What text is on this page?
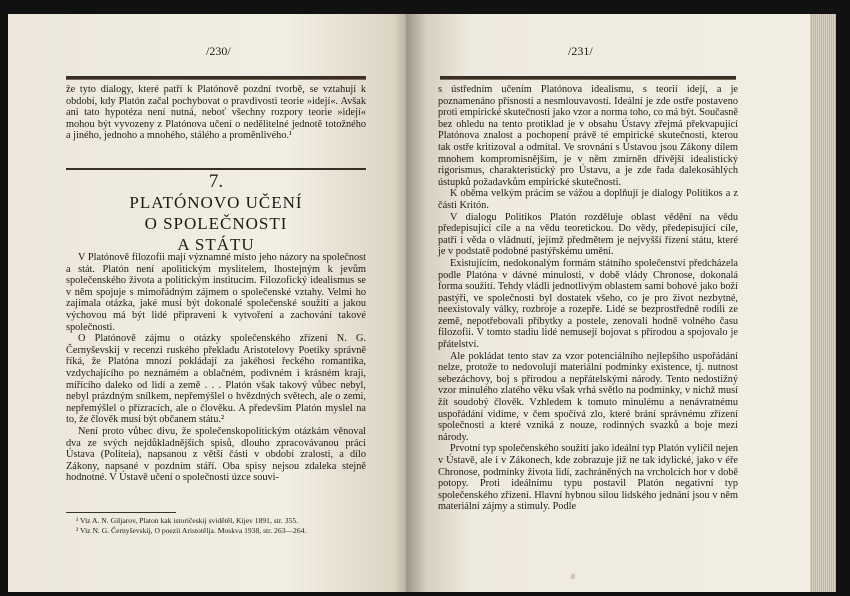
/230/

že tyto dialogy, které patří k Platónově pozdní tvorbě, se vztahují k období, kdy Platón začal pochybovat o pravdivosti teorie »idejí«. Avšak ani tato hypotéza není nutná, neboť všechny rozpory teorie »idejí« mohou být vyvozeny z Platónova učení o nedělitelné jednotě totožného a jiného, jednoho a mnohého, stálého a proměnlivého.¹

7.
PLATÓNOVO UČENÍ
O SPOLEČNOSTI
A STÁTU

V Platónově filozofii mají významné místo jeho názory na společnost a stát. Platón není apolitickým myslitelem, lhostejným k jevům společenského života a politickým institucím. Filozofický idealismus se v něm spojuje s mimořádným zájmem o společenské vztahy. Velmi ho zajímala otázka, jaké musí být dokonalé společenské soužití a jakou výchovou má být lidé připraveni k vytvoření a zachování takové společnosti.

O Platónově zájmu o otázky společenského zřízení N. G. Černyševskij v recenzi ruského překladu Aristotelovy Poetiky správně říká, že Platóna mnozí pokládají za jakéhosi řeckého romantika, vzdychajícího po neznámém a oblačném, podivném i krásném kraji, mířícího daleko od lidí a země . . . Platón však takový vůbec nebyl, nebyl prázdným snílkem, nepřemýšlel o hvězdných světech, ale o zemi, nepřemýšlel o přízracích, ale o člověku. A především Platón myslel na to, že člověk musí být občanem státu.²

Není proto vůbec divu, že společenskopolitickým otázkám věnoval dva ze svých nejdůkladnějších spisů, dlouho zpracovávanou práci Ústava (Politeia), napsanou z větší části v období zralosti, a dílo Zákony, napsané v pozdním stáří. Oba spisy nejsou zdaleka stejně hodnotné. V Ústavě učení o společnosti úzce souvi-

¹ Viz A. N. Giljarov, Platon kak istoričeskij svidětěl, Kijev 1891, str. 355.
² Viz N. G. Černyševskij, O poezii Aristotělja. Moskva 1938, str. 263—264.
/231/

s ústředním učením Platónova idealismu, s teorií idejí, a je poznamenáno přísností a nesmlouvavostí. Ideální je zde ostře postaveno proti empirické skutečnosti jako vzor a norma toho, co má být. Současně bez ohledu na tento protiklad je v obsahu Ústavy zřejmá překvapující Platónova znalost a pochopení právě té empirické skutečnosti, kterou tak ostře kritizoval a odmítal. Ve srovnání s Ústavou jsou Zákony dílem mnohem kompromisnějším, je v něm zmírněn dřívější idealistický rigorismus, charakteristický pro Ústavu, a je zde řada dalekosáhlých ústupků požadavkům empirické skutečnosti.

K oběma velkým prácím se vážou a doplňují je dialogy Politikos a z části Kritón.

V dialogu Politikos Platón rozděluje oblast vědění na vědu předepisující cíle a na vědu teoretickou. Do vědy, předepisující cíle, patří i věda o vládnutí, jejímž předmětem je nejvyšší řízení státu, které je v podstatě podobné pastýřskému umění.

Existujícím, nedokonalým formám státního společenství předcházela podle Platóna v dávné minulosti, v době vlády Chronose, dokonalá forma soužití. Tehdy vládli jednotlivým oblastem sami bohové jako boží pastýři, ve společnosti byl dostatek všeho, co je pro život nezbytné, neexistovaly války, rozbroje a rozepře. Lidé se bezprostředně rodili ze země, nepotřebovali příbytky a postele, zenovali hodně volného času filozofii. V tomto stadiu lidé nemusejí bojovat s přírodou a spojovalo je přátelství.

Ale pokládat tento stav za vzor potenciálního nejlepšího uspořádání nelze, protože to nedovolují materiální podmínky existence, tj. nutnost sebezáchovy, boj s přírodou a nepřátelskými národy. Tento nedostižný vzor minulého zlatého věku však vrhá světlo na podmínky, v nichž musí žít soudobý člověk. Vzhledem k tomuto minulému a nenávratnému uspořádání vidíme, v čem spočívá zlo, které brání správnému zřízení společnosti a které vzniká z nouze, rodinných svazků a boje mezi národy.

Prvotní typ společenského soužití jako ideální typ Platón vyličil nejen v Ústavě, ale i v Zákonech, kde zobrazuje již ne tak idylické, jako v éře Chronose, podmínky života lidí, zachráněných na vrcholcích hor v době potopy. Proti ideálnímu typu postavil Platón negativní typ společenského zřízení. Hlavní hybnou silou lidského jednání jsou v něm materiální zájmy a stimuly. Podle
